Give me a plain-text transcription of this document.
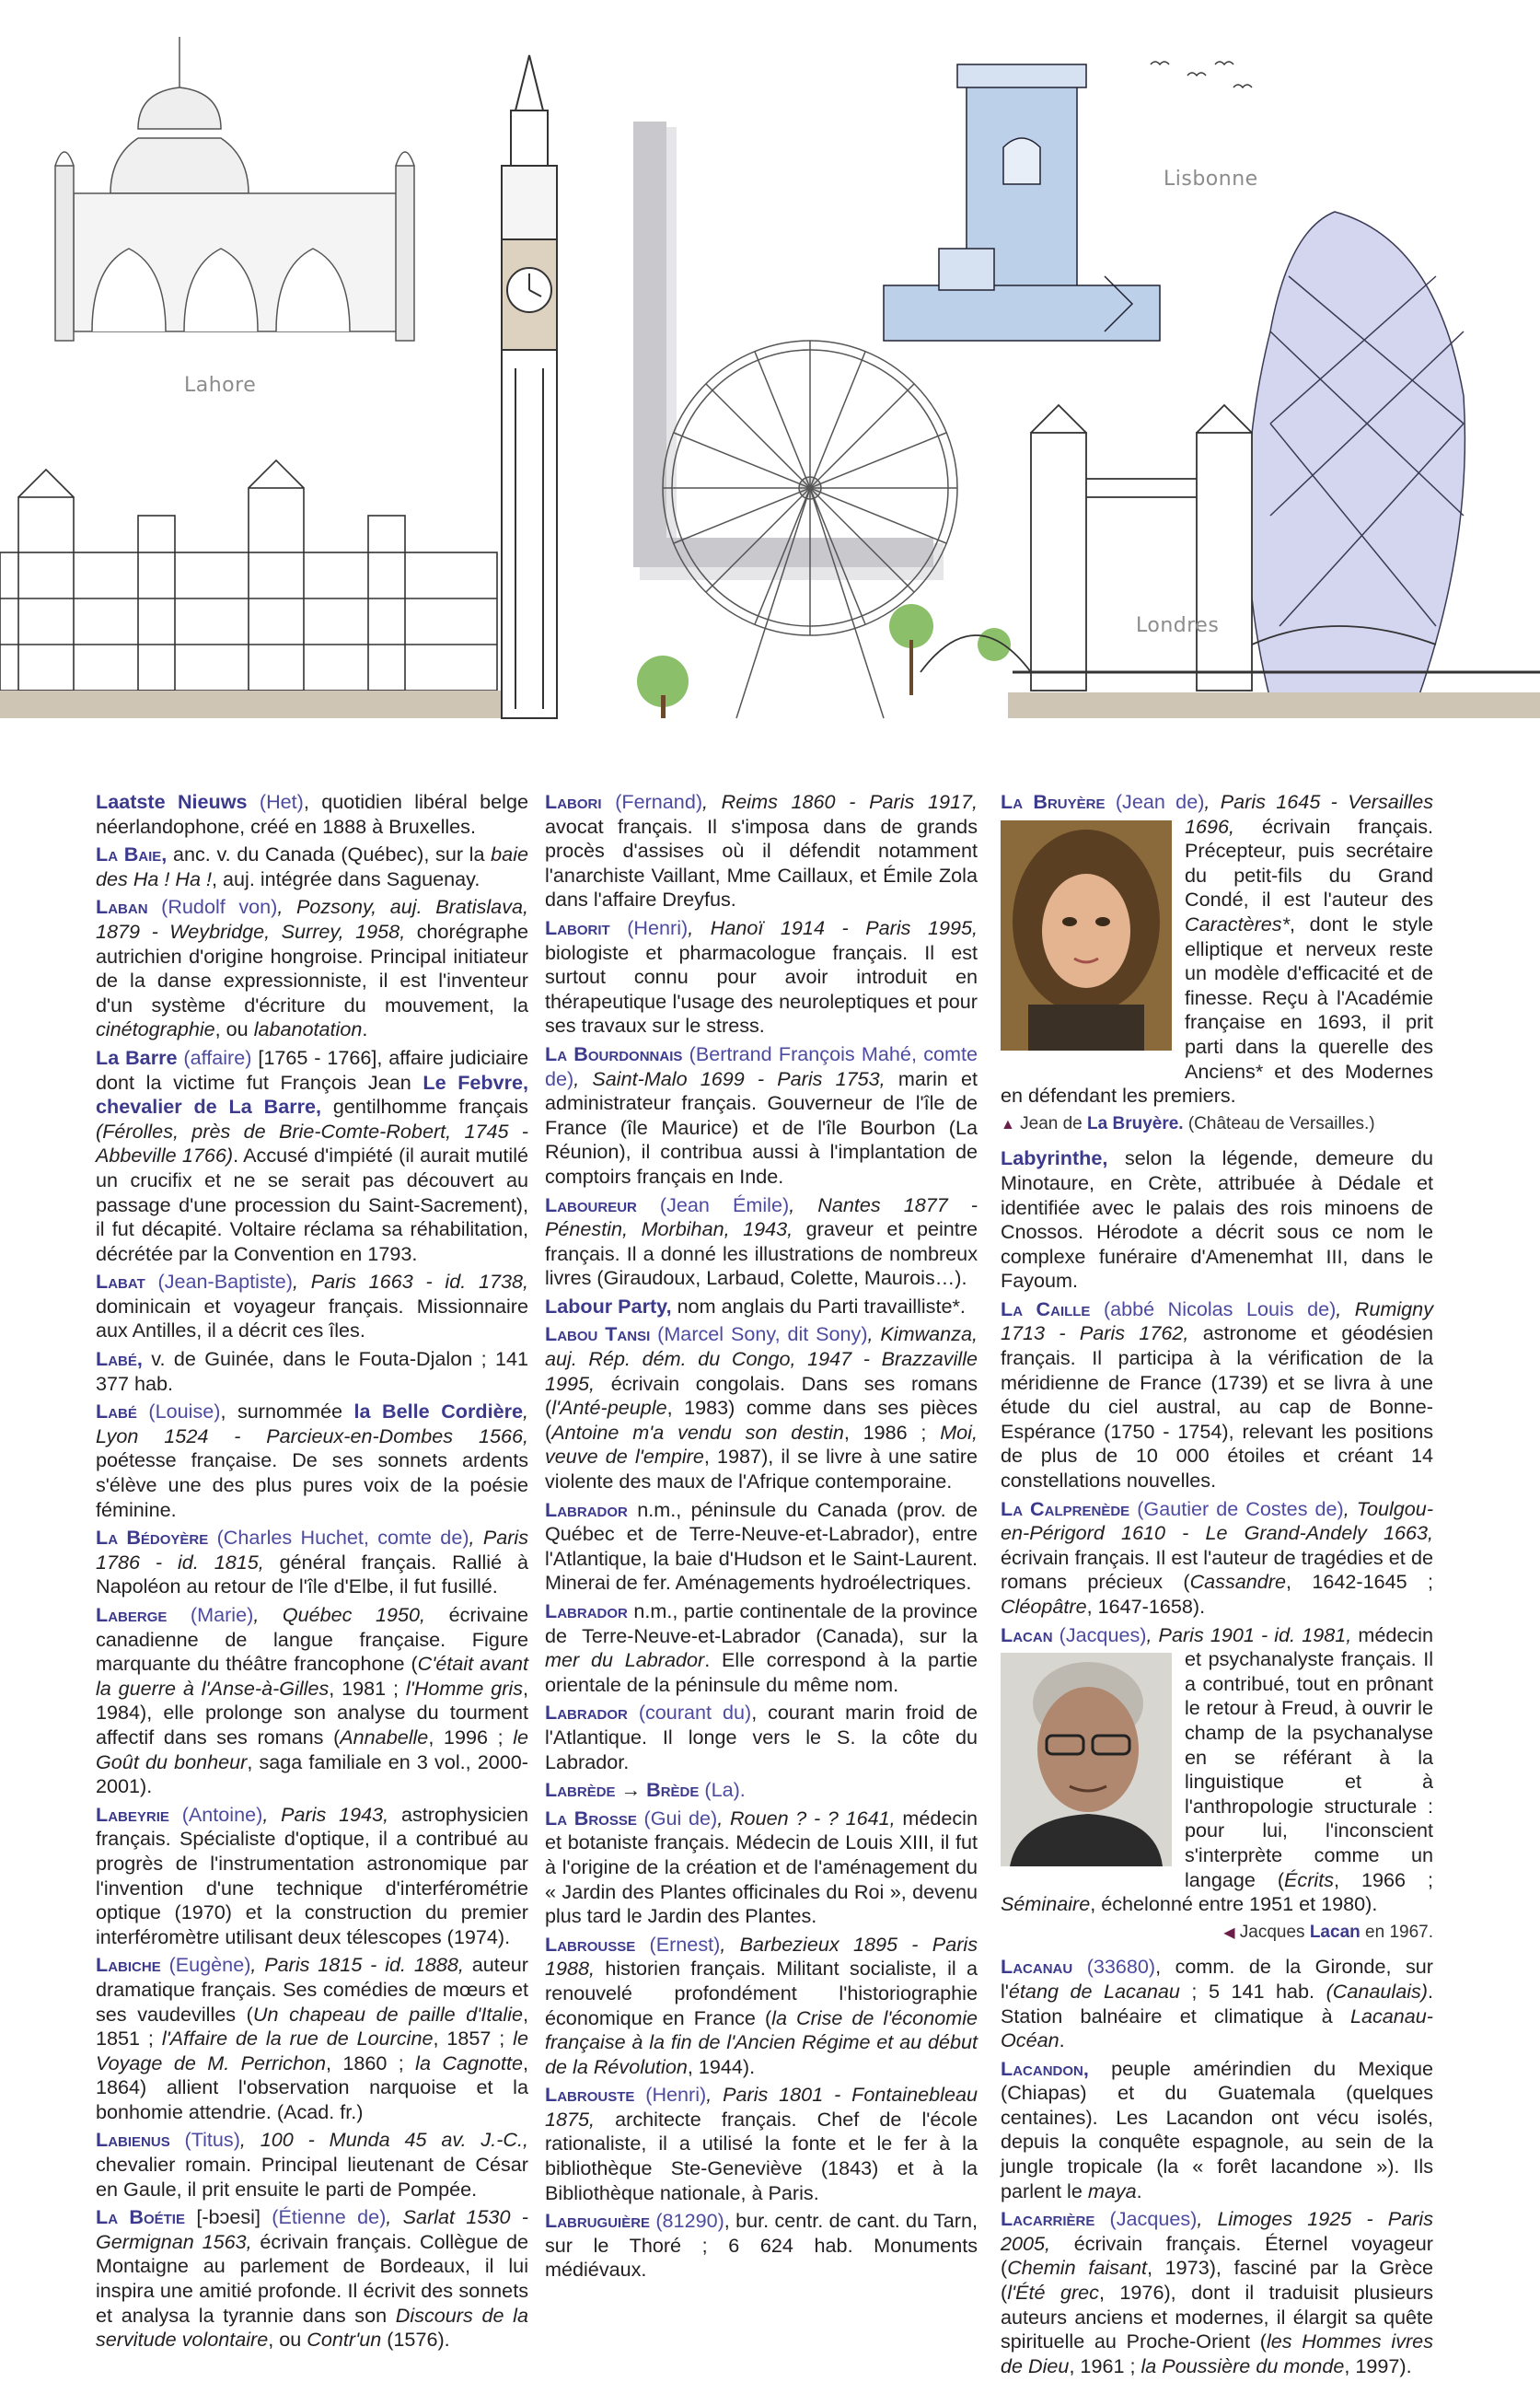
Lahore
Lisbonne
Londres

Laatste Nieuws (Het), quotidien libéral belge néerlandophone, créé en 1888 à Bruxelles.

La Baie, anc. v. du Canada (Québec), sur la baie des Ha ! Ha !, auj. intégrée dans Saguenay.

Laban (Rudolf von), Pozsony, auj. Bratislava, 1879 - Weybridge, Surrey, 1958, chorégraphe autrichien d'origine hongroise. Principal initiateur de la danse expressionniste, il est l'inventeur d'un système d'écriture du mouvement, la cinétographie, ou labanotation.

La Barre (affaire) [1765 - 1766], affaire judiciaire dont la victime fut François Jean Le Febvre, chevalier de La Barre, gentilhomme français (Férolles, près de Brie-Comte-Robert, 1745 - Abbeville 1766). Accusé d'impiété (il aurait mutilé un crucifix et ne se serait pas découvert au passage d'une procession du Saint-Sacrement), il fut décapité. Voltaire réclama sa réhabilitation, décrétée par la Convention en 1793.

Labat (Jean-Baptiste), Paris 1663 - id. 1738, dominicain et voyageur français. Missionnaire aux Antilles, il a décrit ces îles.

Labé, v. de Guinée, dans le Fouta-Djalon ; 141 377 hab.

Labé (Louise), surnommée la Belle Cordière, Lyon 1524 - Parcieux-en-Dombes 1566, poétesse française. De ses sonnets ardents s'élève une des plus pures voix de la poésie féminine.

La Bédoyère (Charles Huchet, comte de), Paris 1786 - id. 1815, général français. Rallié à Napoléon au retour de l'île d'Elbe, il fut fusillé.

Laberge (Marie), Québec 1950, écrivaine canadienne de langue française. Figure marquante du théâtre francophone (C'était avant la guerre à l'Anse-à-Gilles, 1981 ; l'Homme gris, 1984), elle prolonge son analyse du tourment affectif dans ses romans (Annabelle, 1996 ; le Goût du bonheur, saga familiale en 3 vol., 2000-2001).

Labeyrie (Antoine), Paris 1943, astrophysicien français. Spécialiste d'optique, il a contribué au progrès de l'instrumentation astronomique par l'invention d'une technique d'interférométrie optique (1970) et la construction du premier interféromètre utilisant deux télescopes (1974).

Labiche (Eugène), Paris 1815 - id. 1888, auteur dramatique français. Ses comédies de mœurs et ses vaudevilles (Un chapeau de paille d'Italie, 1851 ; l'Affaire de la rue de Lourcine, 1857 ; le Voyage de M. Perrichon, 1860 ; la Cagnotte, 1864) allient l'observation narquoise et la bonhomie attendrie. (Acad. fr.)

Labienus (Titus), 100 - Munda 45 av. J.-C., chevalier romain. Principal lieutenant de César en Gaule, il prit ensuite le parti de Pompée.

La Boétie [-bɔesi] (Étienne de), Sarlat 1530 - Germignan 1563, écrivain français. Collègue de Montaigne au parlement de Bordeaux, il lui inspira une amitié profonde. Il écrivit des sonnets et analysa la tyrannie dans son Discours de la servitude volontaire, ou Contr'un (1576).

Labori (Fernand), Reims 1860 - Paris 1917, avocat français. Il s'imposa dans de grands procès d'assises où il défendit notamment l'anarchiste Vaillant, Mme Caillaux, et Émile Zola dans l'affaire Dreyfus.

Laborit (Henri), Hanoï 1914 - Paris 1995, biologiste et pharmacologue français. Il est surtout connu pour avoir introduit en thérapeutique l'usage des neuroleptiques et pour ses travaux sur le stress.

La Bourdonnais (Bertrand François Mahé, comte de), Saint-Malo 1699 - Paris 1753, marin et administrateur français. Gouverneur de l'île de France (île Maurice) et de l'île Bourbon (La Réunion), il contribua aussi à l'implantation de comptoirs français en Inde.

Laboureur (Jean Émile), Nantes 1877 - Pénestin, Morbihan, 1943, graveur et peintre français. Il a donné les illustrations de nombreux livres (Giraudoux, Larbaud, Colette, Maurois…).

Labour Party, nom anglais du Parti travailliste*.

Labou Tansi (Marcel Sony, dit Sony), Kimwanza, auj. Rép. dém. du Congo, 1947 - Brazzaville 1995, écrivain congolais. Dans ses romans (l'Anté-peuple, 1983) comme dans ses pièces (Antoine m'a vendu son destin, 1986 ; Moi, veuve de l'empire, 1987), il se livre à une satire violente des maux de l'Afrique contemporaine.

Labrador n.m., péninsule du Canada (prov. de Québec et de Terre-Neuve-et-Labrador), entre l'Atlantique, la baie d'Hudson et le Saint-Laurent. Minerai de fer. Aménagements hydroélectriques.

Labrador n.m., partie continentale de la province de Terre-Neuve-et-Labrador (Canada), sur la mer du Labrador. Elle correspond à la partie orientale de la péninsule du même nom.

Labrador (courant du), courant marin froid de l'Atlantique. Il longe vers le S. la côte du Labrador.

Labrède → Brède (La).

La Brosse (Gui de), Rouen ? - ? 1641, médecin et botaniste français. Médecin de Louis XIII, il fut à l'origine de la création et de l'aménagement du « Jardin des Plantes officinales du Roi », devenu plus tard le Jardin des Plantes.

Labrousse (Ernest), Barbezieux 1895 - Paris 1988, historien français. Militant socialiste, il a renouvelé profondément l'historiographie économique en France (la Crise de l'économie française à la fin de l'Ancien Régime et au début de la Révolution, 1944).

Labrouste (Henri), Paris 1801 - Fontainebleau 1875, architecte français. Chef de l'école rationaliste, il a utilisé la fonte et le fer à la bibliothèque Ste-Geneviève (1843) et à la Bibliothèque nationale, à Paris.

Labruguière (81290), bur. centr. de cant. du Tarn, sur le Thoré ; 6 624 hab. Monuments médiévaux.

La Bruyère (Jean de), Paris 1645 - Versailles 1696,
écrivain français. Précepteur, puis secrétaire du petit-fils du Grand Condé, il est l'auteur des Caractères*, dont le style elliptique et nerveux reste un modèle d'efficacité et de finesse. Reçu à l'Académie française en 1693, il prit parti dans la querelle des Anciens* et des Modernes en défendant les premiers.

▲ Jean de La Bruyère. (Château de Versailles.)

Labyrinthe, selon la légende, demeure du Minotaure, en Crète, attribuée à Dédale et identifiée avec le palais des rois minoens de Cnossos. Hérodote a décrit sous ce nom le complexe funéraire d'Amenemhat III, dans le Fayoum.

La Caille (abbé Nicolas Louis de), Rumigny 1713 - Paris 1762, astronome et géodésien français. Il participa à la vérification de la méridienne de France (1739) et se livra à une étude du ciel austral, au cap de Bonne-Espérance (1750 - 1754), relevant les positions de plus de 10 000 étoiles et créant 14 constellations nouvelles.

La Calprenède (Gautier de Costes de), Toulgou-en-Périgord 1610 - Le Grand-Andely 1663, écrivain français. Il est l'auteur de tragédies et de romans précieux (Cassandre, 1642-1645 ; Cléopâtre, 1647-1658).

Lacan (Jacques), Paris 1901 - id. 1981,
médecin et psychanalyste français. Il a contribué, tout en prônant le retour à Freud, à ouvrir le champ de la psychanalyse en se référant à la linguistique et à l'anthropologie structurale : pour lui, l'inconscient s'interprète comme un langage (Écrits, 1966 ; Séminaire, échelonné entre 1951 et 1980).

◀ Jacques Lacan en 1967.

Lacanau (33680), comm. de la Gironde, sur l'étang de Lacanau ; 5 141 hab. (Canaulais). Station balnéaire et climatique à Lacanau-Océan.

Lacandon, peuple amérindien du Mexique (Chiapas) et du Guatemala (quelques centaines). Les Lacandon ont vécu isolés, depuis la conquête espagnole, au sein de la jungle tropicale (la « forêt lacandone »). Ils parlent le maya.

Lacarrière (Jacques), Limoges 1925 - Paris 2005, écrivain français. Éternel voyageur (Chemin faisant, 1973), fasciné par la Grèce (l'Été grec, 1976), dont il traduisit plusieurs auteurs anciens et modernes, il élargit sa quête spirituelle au Proche-Orient (les Hommes ivres de Dieu, 1961 ; la Poussière du monde, 1997).
